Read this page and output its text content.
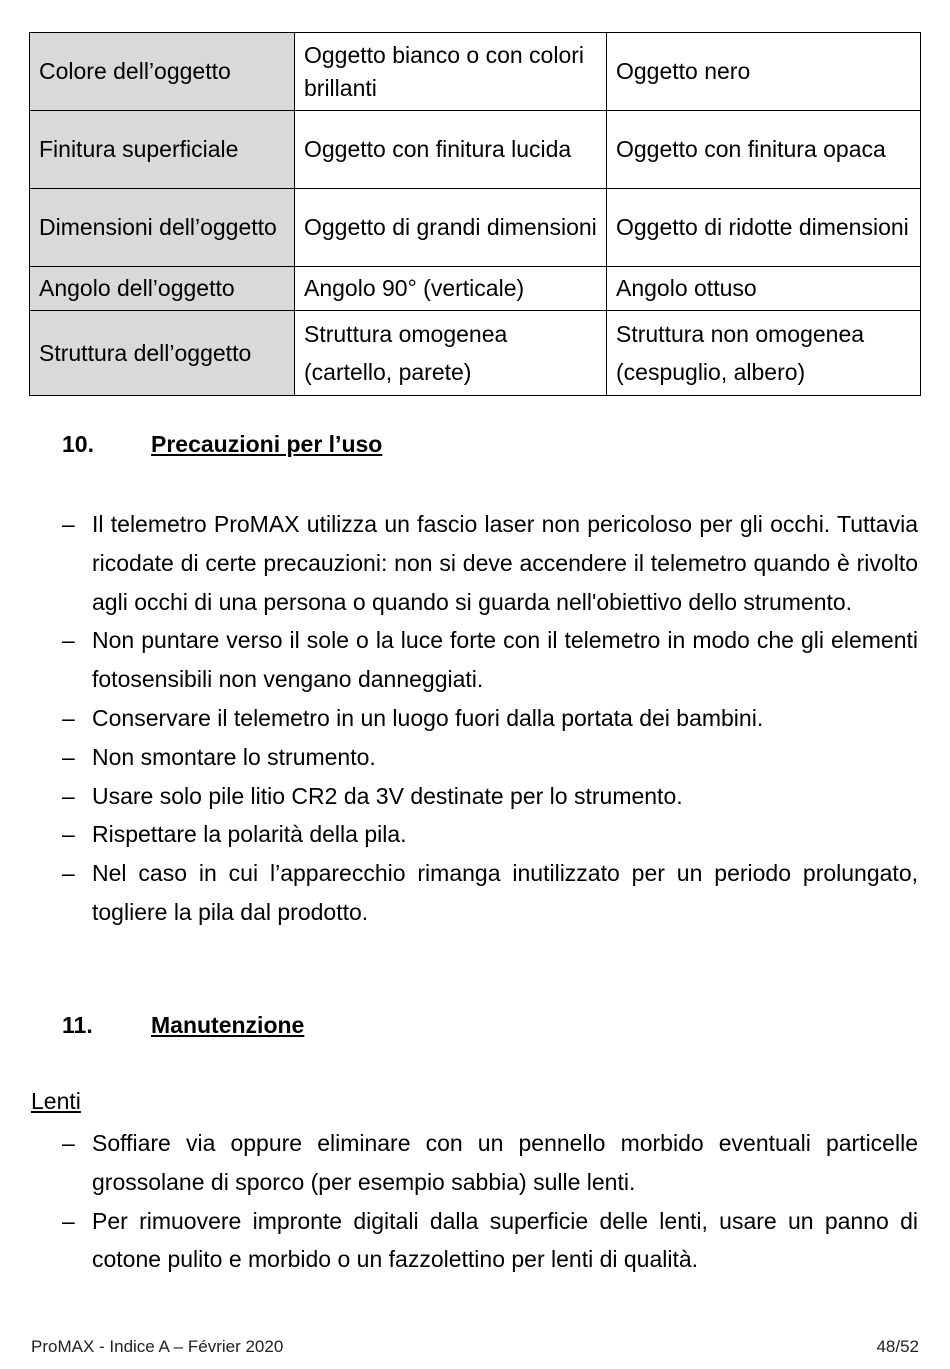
Colore dell’oggetto	Oggetto bianco o con colori brillanti	Oggetto nero
Finitura superficiale	Oggetto con finitura lucida	Oggetto con finitura opaca
Dimensioni dell’oggetto	Oggetto di grandi dimensioni	Oggetto di ridotte dimensioni
Angolo dell’oggetto	Angolo 90° (verticale)	Angolo ottuso
Struttura dell’oggetto	Struttura omogenea (cartello, parete)	Struttura non omogenea (cespuglio, albero)
10. Precauzioni per l’uso
– Il telemetro ProMAX utilizza un fascio laser non pericoloso per gli occhi. Tuttavia ricodate di certe precauzioni: non si deve accendere il telemetro quando è rivolto agli occhi di una persona o quando si guarda nell'obiettivo dello strumento.
– Non puntare verso il sole o la luce forte con il telemetro in modo che gli elementi fotosensibili non vengano danneggiati.
– Conservare il telemetro in un luogo fuori dalla portata dei bambini.
– Non smontare lo strumento.
– Usare solo pile litio CR2 da 3V destinate per lo strumento.
– Rispettare la polarità della pila.
– Nel caso in cui l’apparecchio rimanga inutilizzato per un periodo prolungato, togliere la pila dal prodotto.
11.	Manutenzione
Lenti
– Soffiare via oppure eliminare con un pennello morbido eventuali particelle grossolane di sporco (per esempio sabbia) sulle lenti.
– Per rimuovere impronte digitali dalla superficie delle lenti, usare un panno di cotone pulito e morbido o un fazzolettino per lenti di qualità.
ProMAX - Indice A – Février 2020	48/52
